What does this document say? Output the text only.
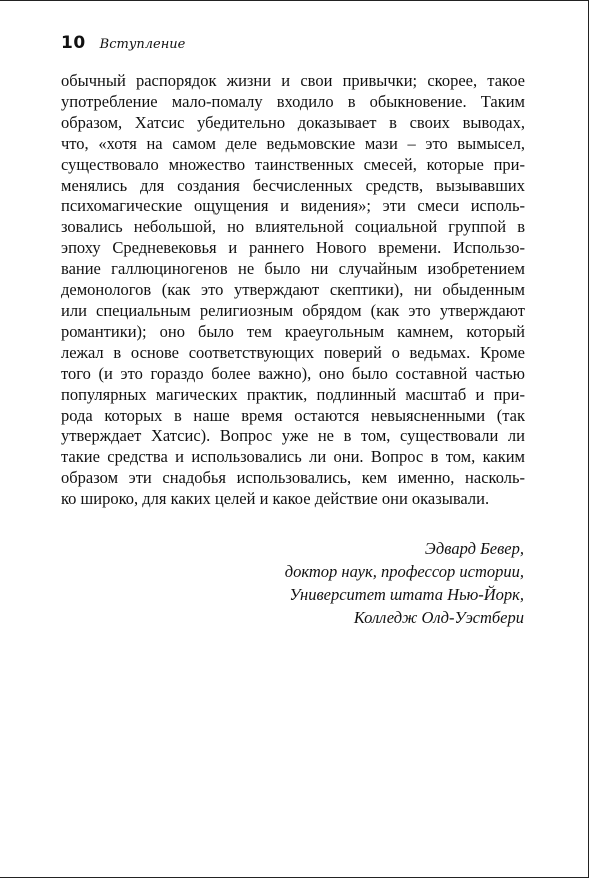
10 Вступление

обычный распорядок жизни и свои привычки; скорее, такое
употребление мало-помалу входило в обыкновение. Таким
образом, Хатсис убедительно доказывает в своих выводах,
что, «хотя на самом деле ведьмовские мази – это вымысел,
существовало множество таинственных смесей, которые при-
менялись для создания бесчисленных средств, вызывавших
психомагические ощущения и видения»; эти смеси исполь-
зовались небольшой, но влиятельной социальной группой в
эпоху Средневековья и раннего Нового времени. Использо-
вание галлюциногенов не было ни случайным изобретением
демонологов (как это утверждают скептики), ни обыденным
или специальным религиозным обрядом (как это утверждают
романтики); оно было тем краеугольным камнем, который
лежал в основе соответствующих поверий о ведьмах. Кроме
того (и это гораздо более важно), оно было составной частью
популярных магических практик, подлинный масштаб и при-
рода которых в наше время остаются невыясненными (так
утверждает Хатсис). Вопрос уже не в том, существовали ли
такие средства и использовались ли они. Вопрос в том, каким
образом эти снадобья использовались, кем именно, насколь-
ко широко, для каких целей и какое действие они оказывали.

Эдвард Бевер,
доктор наук, профессор истории,
Университет штата Нью-Йорк,
Колледж Олд-Уэстбери
